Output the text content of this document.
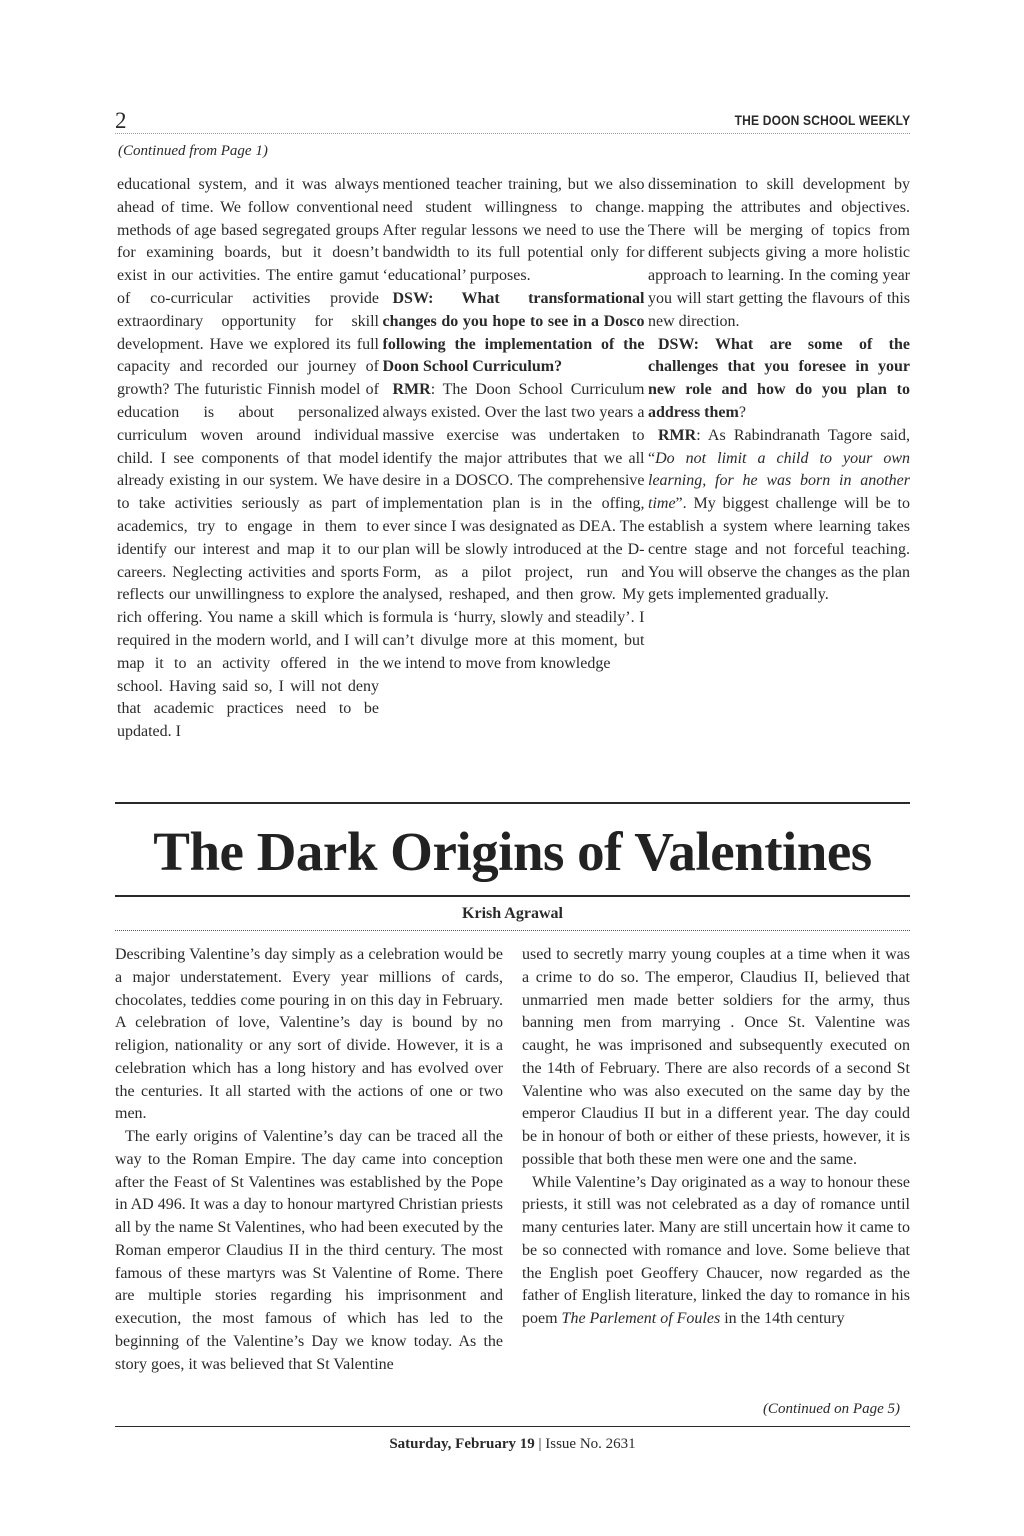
2	THE DOON SCHOOL WEEKLY
(Continued from Page 1)

educational system, and it was always ahead of time. We follow conventional methods of age based segregated groups for examining boards, but it doesn’t exist in our activities. The entire gamut of co-curricular activities provide extraordinary opportunity for skill development. Have we explored its full capacity and recorded our journey of growth? The futuristic Finnish model of education is about personalized curriculum woven around individual child. I see components of that model already existing in our system. We have to take activities seriously as part of academics, try to engage in them to identify our interest and map it to our careers. Neglecting activities and sports reflects our unwillingness to explore the rich offering. You name a skill which is required in the modern world, and I will map it to an activity offered in the school. Having said so, I will not deny that academic practices need to be updated. I

mentioned teacher training, but we also need student willingness to change. After regular lessons we need to use the bandwidth to its full potential only for ‘educational’ purposes.

DSW: What transformational changes do you hope to see in a Dosco following the implementation of the Doon School Curriculum?

RMR: The Doon School Curriculum always existed. Over the last two years a massive exercise was undertaken to identify the major attributes that we all desire in a DOSCO. The comprehensive implementation plan is in the offing, ever since I was designated as DEA. The plan will be slowly introduced at the D-Form, as a pilot project, run and analysed, reshaped, and then grow. My formula is ‘hurry, slowly and steadily’. I can’t divulge more at this moment, but we intend to move from knowledge

dissemination to skill development by mapping the attributes and objectives. There will be merging of topics from different subjects giving a more holistic approach to learning. In the coming year you will start getting the flavours of this new direction.

DSW: What are some of the challenges that you foresee in your new role and how do you plan to address them?

RMR: As Rabindranath Tagore said, “Do not limit a child to your own learning, for he was born in another time”. My biggest challenge will be to establish a system where learning takes centre stage and not forceful teaching. You will observe the changes as the plan gets implemented gradually.

The Dark Origins of Valentines
Krish Agrawal

Describing Valentine’s day simply as a celebration would be a major understatement. Every year millions of cards, chocolates, teddies come pouring in on this day in February. A celebration of love, Valentine’s day is bound by no religion, nationality or any sort of divide. However, it is a celebration which has a long history and has evolved over the centuries. It all started with the actions of one or two men.

The early origins of Valentine’s day can be traced all the way to the Roman Empire. The day came into conception after the Feast of St Valentines was established by the Pope in AD 496. It was a day to honour martyred Christian priests all by the name St Valentines, who had been executed by the Roman emperor Claudius II in the third century. The most famous of these martyrs was St Valentine of Rome. There are multiple stories regarding his imprisonment and execution, the most famous of which has led to the beginning of the Valentine’s Day we know today. As the story goes, it was believed that St Valentine

used to secretly marry young couples at a time when it was a crime to do so. The emperor, Claudius II, believed that unmarried men made better soldiers for the army, thus banning men from marrying . Once St. Valentine was caught, he was imprisoned and subsequently executed on the 14th of February. There are also records of a second St Valentine who was also executed on the same day by the emperor Claudius II but in a different year. The day could be in honour of both or either of these priests, however, it is possible that both these men were one and the same.

While Valentine’s Day originated as a way to honour these priests, it still was not celebrated as a day of romance until many centuries later. Many are still uncertain how it came to be so connected with romance and love. Some believe that the English poet Geoffery Chaucer, now regarded as the father of English literature, linked the day to romance in his poem The Parlement of Foules in the 14th century

(Continued on Page 5)
Saturday, February 19 | Issue No. 2631
